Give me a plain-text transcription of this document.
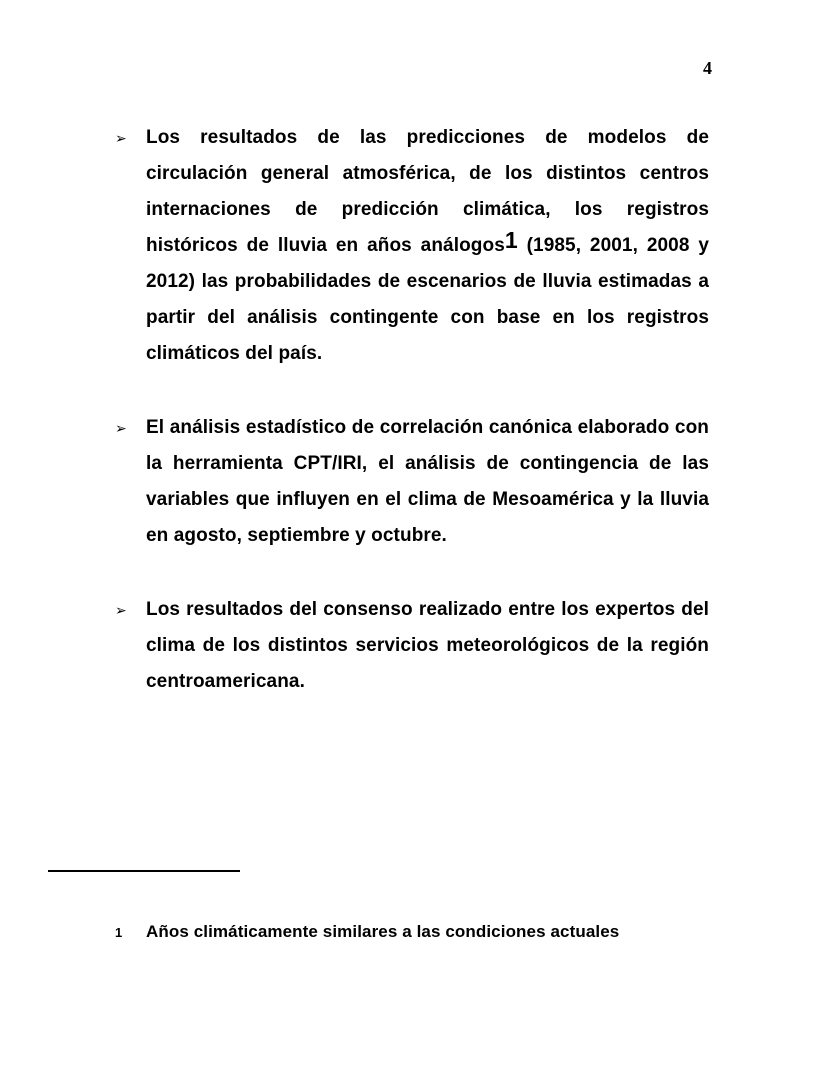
4
➢	Los resultados de las predicciones de modelos de circulación general atmosférica, de los distintos centros internaciones de predicción climática, los registros históricos de lluvia en años análogos1 (1985, 2001, 2008 y 2012) las probabilidades de escenarios de lluvia estimadas a partir del análisis contingente con base en los registros climáticos del país.

➢	El análisis estadístico de correlación canónica elaborado con la herramienta CPT/IRI, el análisis de contingencia de las variables que influyen en el clima de Mesoamérica y la lluvia en agosto, septiembre y octubre.

➢	Los resultados del consenso realizado entre los expertos del clima de los distintos servicios meteorológicos de la región centroamericana.

1	Años climáticamente similares a las condiciones actuales
